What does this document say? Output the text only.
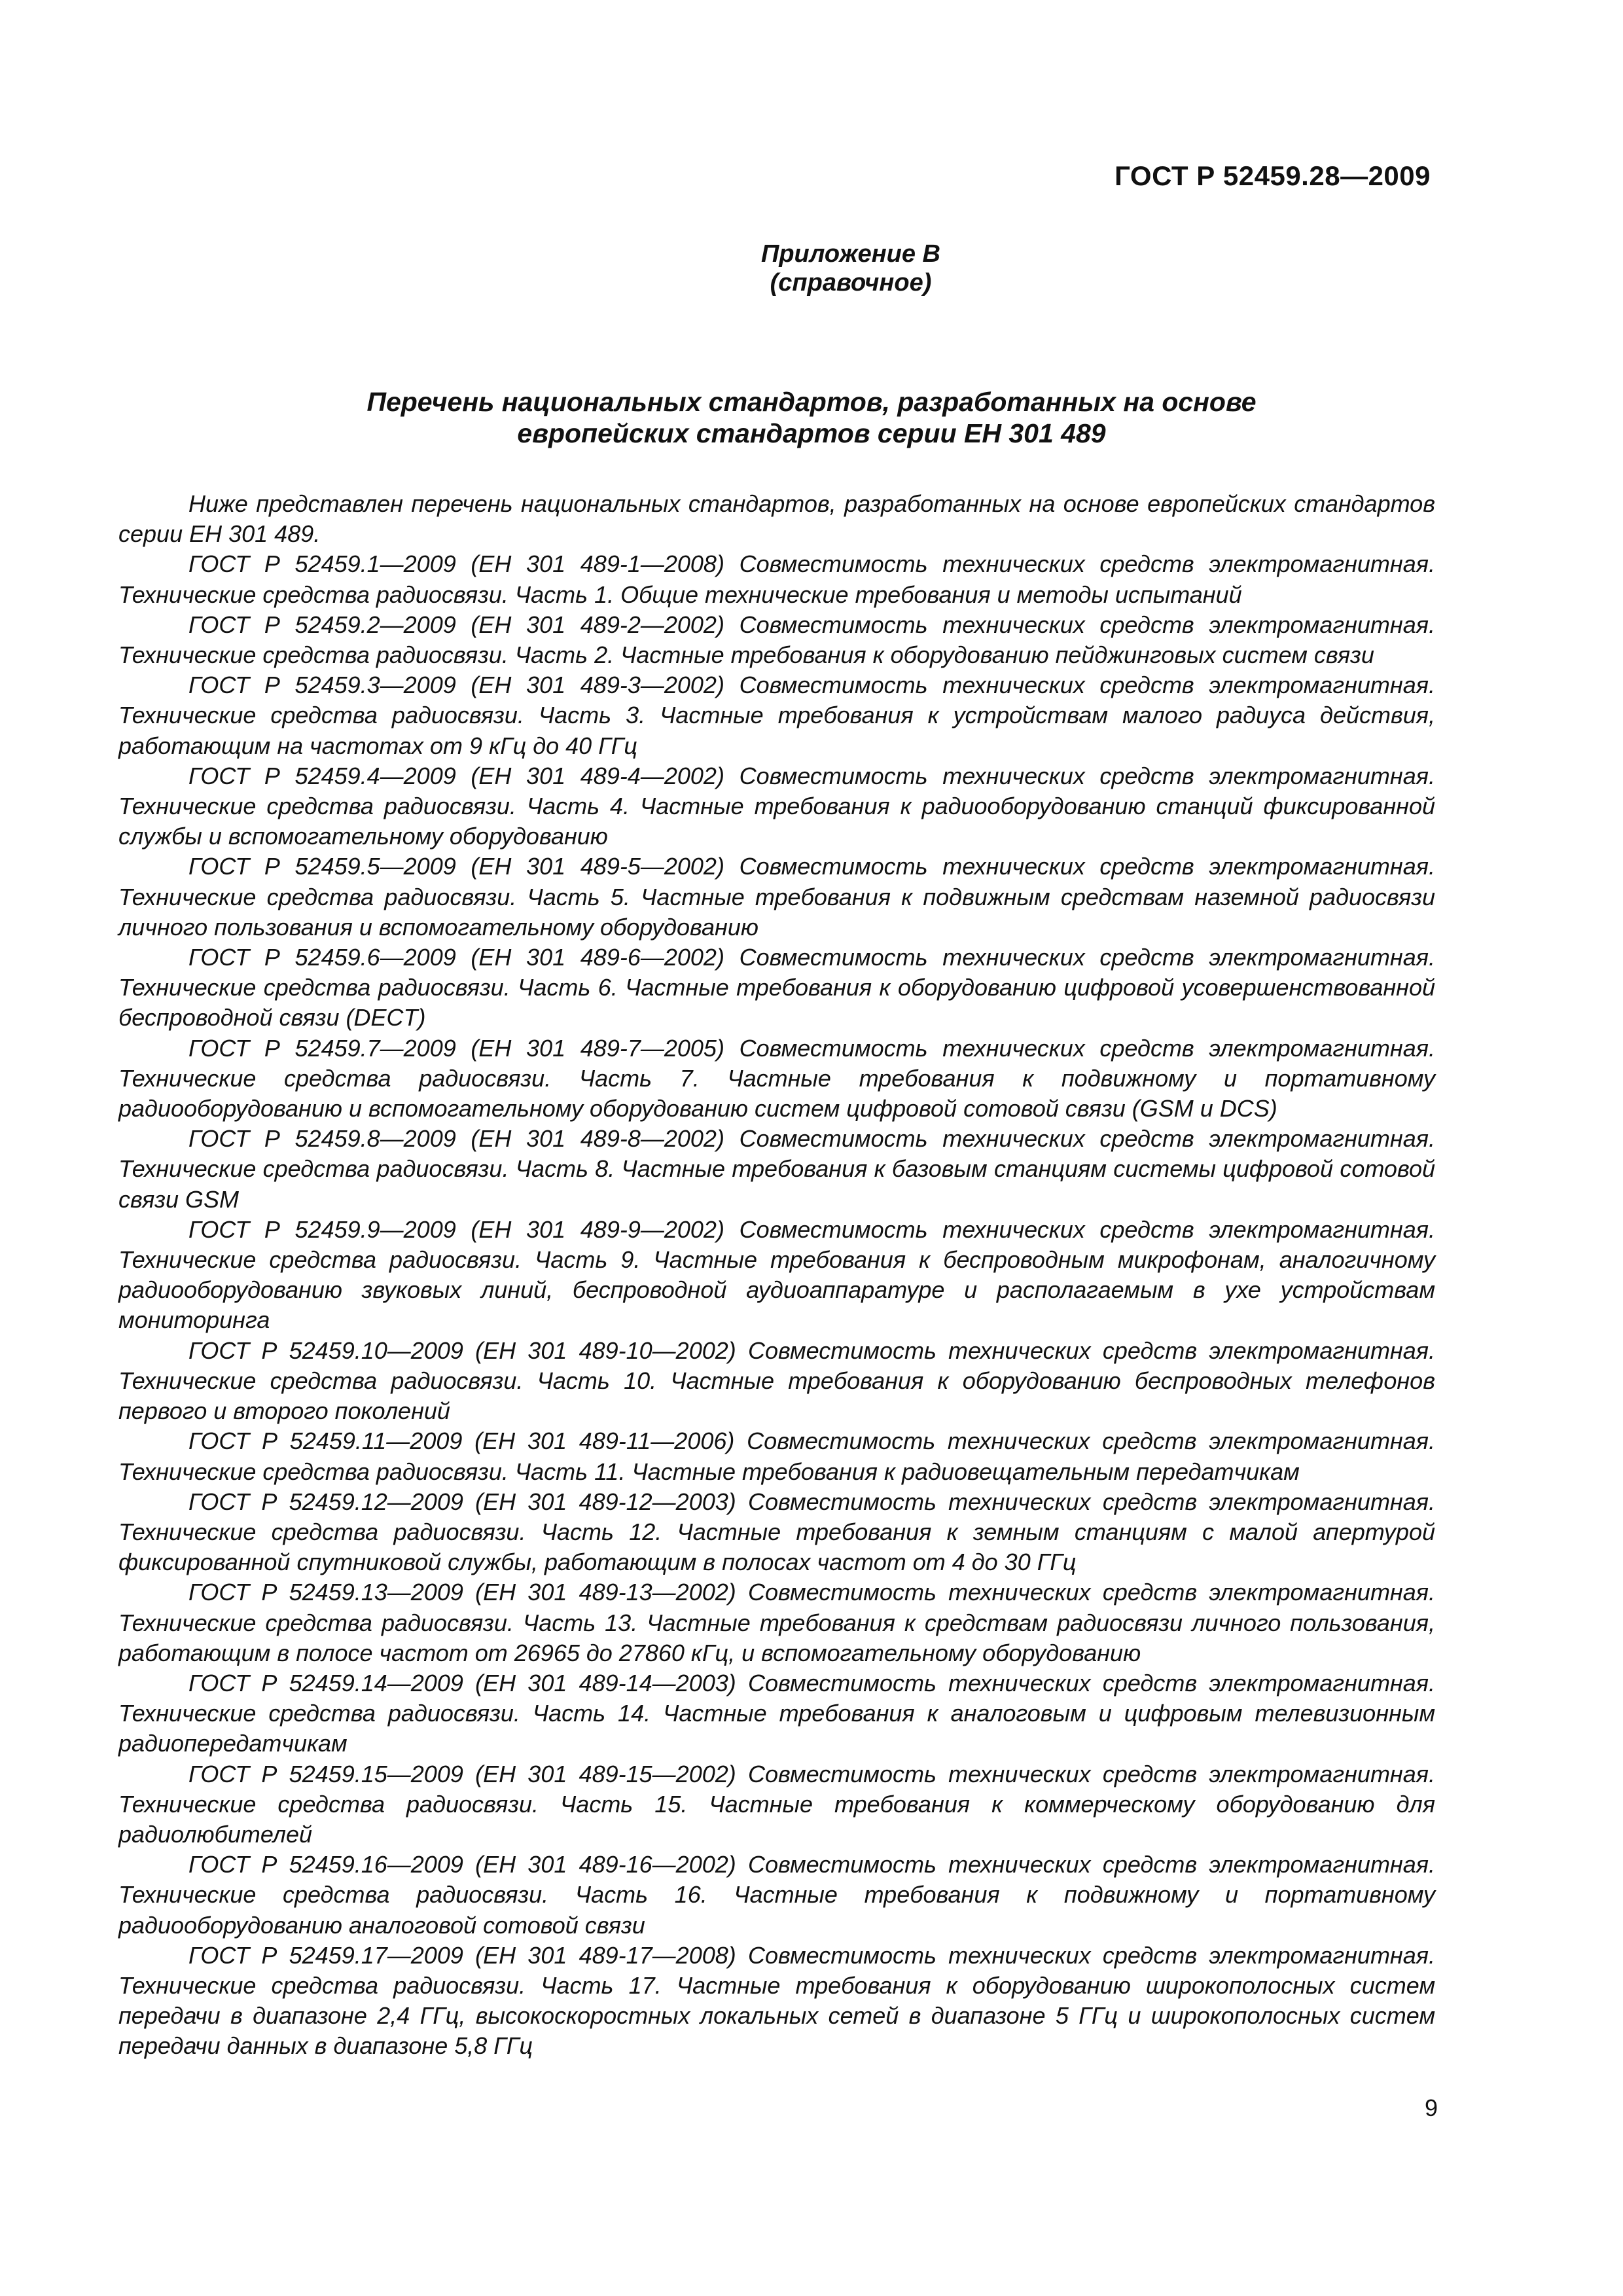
ГОСТ Р 52459.28—2009
Приложение В
(справочное)
Перечень национальных стандартов, разработанных на основе
европейских стандартов серии ЕН 301 489

Ниже представлен перечень национальных стандартов, разработанных на основе европейских стандартов серии ЕН 301 489.

ГОСТ Р 52459.1—2009 (ЕН 301 489-1—2008) Совместимость технических средств электромагнитная. Технические средства радиосвязи. Часть 1. Общие технические требования и методы испытаний

ГОСТ Р 52459.2—2009 (ЕН 301 489-2—2002) Совместимость технических средств электромагнитная. Технические средства радиосвязи. Часть 2. Частные требования к оборудованию пейджинговых систем связи

ГОСТ Р 52459.3—2009 (ЕН 301 489-3—2002) Совместимость технических средств электромагнитная. Технические средства радиосвязи. Часть 3. Частные требования к устройствам малого радиуса действия, работающим на частотах от 9 кГц до 40 ГГц

ГОСТ Р 52459.4—2009 (ЕН 301 489-4—2002) Совместимость технических средств электромагнитная. Технические средства радиосвязи. Часть 4. Частные требования к радиооборудованию станций фиксированной службы и вспомогательному оборудованию

ГОСТ Р 52459.5—2009 (ЕН 301 489-5—2002) Совместимость технических средств электромагнитная. Технические средства радиосвязи. Часть 5. Частные требования к подвижным средствам наземной радиосвязи личного пользования и вспомогательному оборудованию

ГОСТ Р 52459.6—2009 (ЕН 301 489-6—2002) Совместимость технических средств электромагнитная. Технические средства радиосвязи. Часть 6. Частные требования к оборудованию цифровой усовершенствованной беспроводной связи (DECT)

ГОСТ Р 52459.7—2009 (ЕН 301 489-7—2005) Совместимость технических средств электромагнитная. Технические средства радиосвязи. Часть 7. Частные требования к подвижному и портативному радиооборудованию и вспомогательному оборудованию систем цифровой сотовой связи (GSM и DCS)

ГОСТ Р 52459.8—2009 (ЕН 301 489-8—2002) Совместимость технических средств электромагнитная. Технические средства радиосвязи. Часть 8. Частные требования к базовым станциям системы цифровой сотовой связи GSM

ГОСТ Р 52459.9—2009 (ЕН 301 489-9—2002) Совместимость технических средств электромагнитная. Технические средства радиосвязи. Часть 9. Частные требования к беспроводным микрофонам, аналогичному радиооборудованию звуковых линий, беспроводной аудиоаппаратуре и располагаемым в ухе устройствам мониторинга

ГОСТ Р 52459.10—2009 (ЕН 301 489-10—2002) Совместимость технических средств электромагнитная. Технические средства радиосвязи. Часть 10. Частные требования к оборудованию беспроводных телефонов первого и второго поколений

ГОСТ Р 52459.11—2009 (ЕН 301 489-11—2006) Совместимость технических средств электромагнитная. Технические средства радиосвязи. Часть 11. Частные требования к радиовещательным передатчикам

ГОСТ Р 52459.12—2009 (ЕН 301 489-12—2003) Совместимость технических средств электромагнитная. Технические средства радиосвязи. Часть 12. Частные требования к земным станциям с малой апертурой фиксированной спутниковой службы, работающим в полосах частот от 4 до 30 ГГц

ГОСТ Р 52459.13—2009 (ЕН 301 489-13—2002) Совместимость технических средств электромагнитная. Технические средства радиосвязи. Часть 13. Частные требования к средствам радиосвязи личного пользования, работающим в полосе частот от 26965 до 27860 кГц, и вспомогательному оборудованию

ГОСТ Р 52459.14—2009 (ЕН 301 489-14—2003) Совместимость технических средств электромагнитная. Технические средства радиосвязи. Часть 14. Частные требования к аналоговым и цифровым телевизионным радиопередатчикам

ГОСТ Р 52459.15—2009 (ЕН 301 489-15—2002) Совместимость технических средств электромагнитная. Технические средства радиосвязи. Часть 15. Частные требования к коммерческому оборудованию для радиолюбителей

ГОСТ Р 52459.16—2009 (ЕН 301 489-16—2002) Совместимость технических средств электромагнитная. Технические средства радиосвязи. Часть 16. Частные требования к подвижному и портативному радиооборудованию аналоговой сотовой связи

ГОСТ Р 52459.17—2009 (ЕН 301 489-17—2008) Совместимость технических средств электромагнитная. Технические средства радиосвязи. Часть 17. Частные требования к оборудованию широкополосных систем передачи в диапазоне 2,4 ГГц, высокоскоростных локальных сетей в диапазоне 5 ГГц и широкополосных систем передачи данных в диапазоне 5,8 ГГц

9
